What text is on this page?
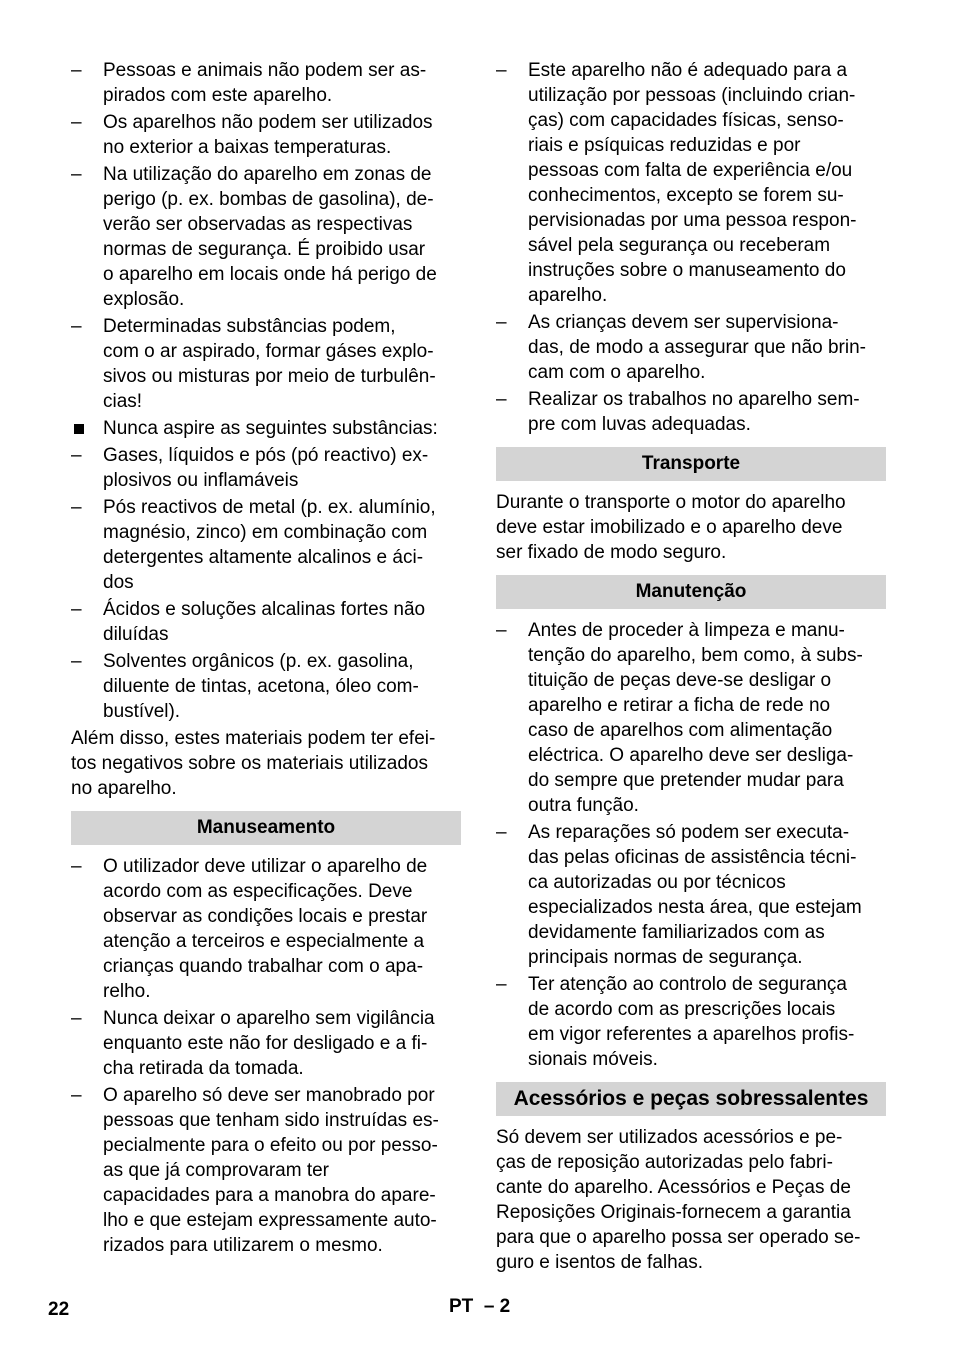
–	Pessoas e animais não podem ser as-
pirados com este aparelho.
–	Os aparelhos não podem ser utilizados
no exterior a baixas temperaturas.
–	Na utilização do aparelho em zonas de
perigo (p. ex. bombas de gasolina), de-
verão ser observadas as respectivas
normas de segurança. É proibido usar
o aparelho em locais onde há perigo de
explosão.
–	Determinadas substâncias podem,
com o ar aspirado, formar gáses explo-
sivos ou misturas por meio de turbulên-
cias!
Nunca aspire as seguintes substâncias:
–	Gases, líquidos e pós (pó reactivo) ex-
plosivos ou inflamáveis
–	Pós reactivos de metal (p. ex. alumínio,
magnésio, zinco) em combinação com
detergentes altamente alcalinos e áci-
dos
–	Ácidos e soluções alcalinas fortes não
diluídas
–	Solventes orgânicos (p. ex. gasolina,
diluente de tintas, acetona, óleo com-
bustível).
Além disso, estes materiais podem ter efei-
tos negativos sobre os materiais utilizados
no aparelho.
Manuseamento
–	O utilizador deve utilizar o aparelho de
acordo com as especificações. Deve
observar as condições locais e prestar
atenção a terceiros e especialmente a
crianças quando trabalhar com o apa-
relho.
–	Nunca deixar o aparelho sem vigilância
enquanto este não for desligado e a fi-
cha retirada da tomada.
–	O aparelho só deve ser manobrado por
pessoas que tenham sido instruídas es-
pecialmente para o efeito ou por pesso-
as que já comprovaram ter
capacidades para a manobra do apare-
lho e que estejam expressamente auto-
rizados para utilizarem o mesmo.
–	Este aparelho não é adequado para a
utilização por pessoas (incluindo crian-
ças) com capacidades físicas, senso-
riais e psíquicas reduzidas e por
pessoas com falta de experiência e/ou
conhecimentos, excepto se forem su-
pervisionadas por uma pessoa respon-
sável pela segurança ou receberam
instruções sobre o manuseamento do
aparelho.
–	As crianças devem ser supervisiona-
das, de modo a assegurar que não brin-
cam com o aparelho.
–	Realizar os trabalhos no aparelho sem-
pre com luvas adequadas.
Transporte
Durante o transporte o motor do aparelho
deve estar imobilizado e o aparelho deve
ser fixado de modo seguro.
Manutenção
–	Antes de proceder à limpeza e manu-
tenção do aparelho, bem como, à subs-
tituição de peças deve-se desligar o
aparelho e retirar a ficha de rede no
caso de aparelhos com alimentação
eléctrica. O aparelho deve ser desliga-
do sempre que pretender mudar para
outra função.
–	As reparações só podem ser executa-
das pelas oficinas de assistência técni-
ca autorizadas ou por técnicos
especializados nesta área, que estejam
devidamente familiarizados com as
principais normas de segurança.
–	Ter atenção ao controlo de segurança
de acordo com as prescrições locais
em vigor referentes a aparelhos profis-
sionais móveis.
Acessórios e peças sobressalentes
Só devem ser utilizados acessórios e pe-
ças de reposição autorizadas pelo fabri-
cante do aparelho. Acessórios e Peças de
Reposições Originais-fornecem a garantia
para que o aparelho possa ser operado se-
guro e isentos de falhas.
22	PT  – 2
